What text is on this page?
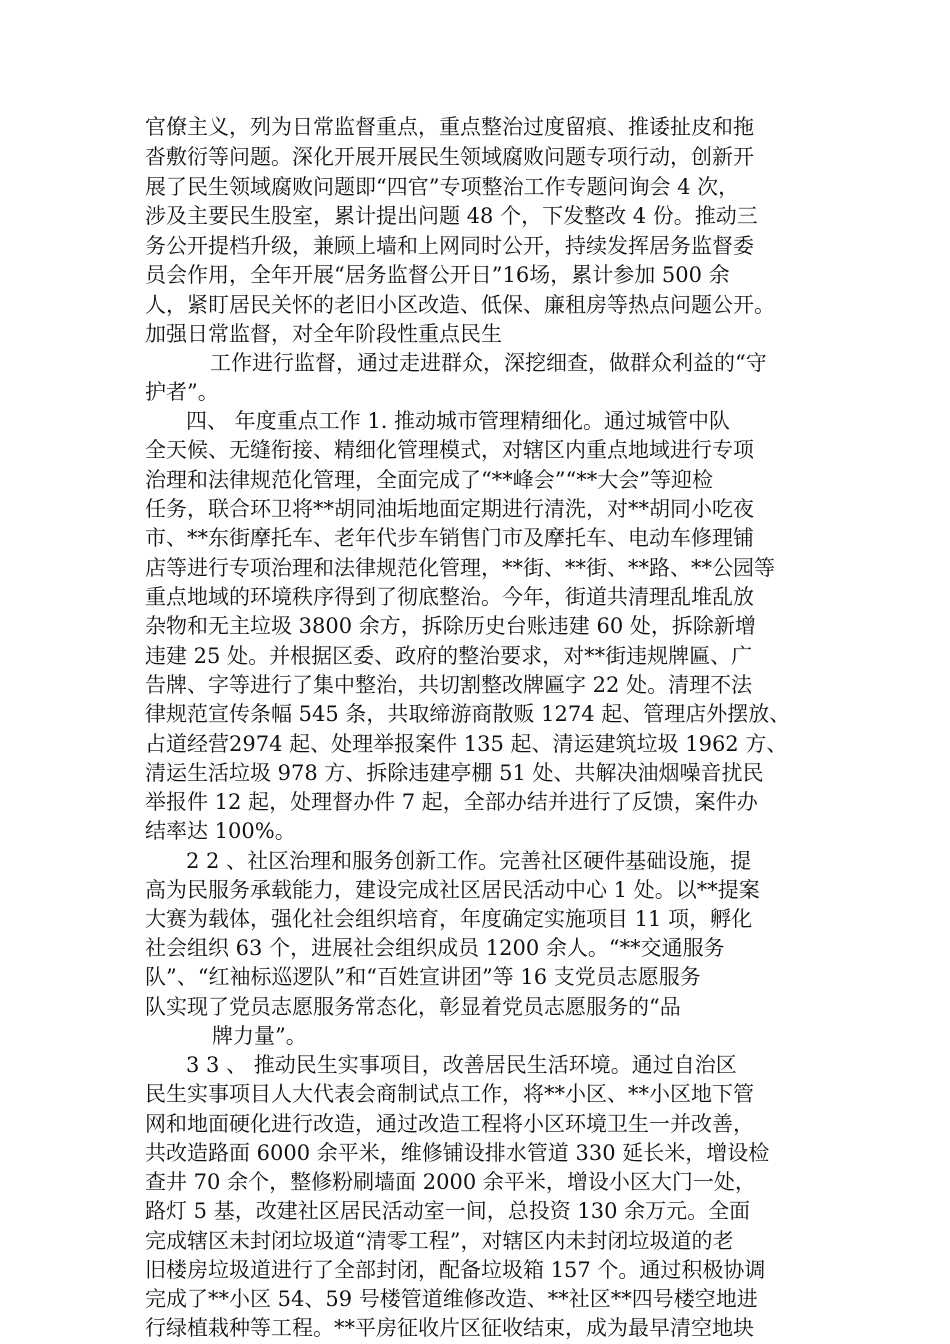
官僚主义，列为日常监督重点，重点整治过度留痕、推诿扯皮和拖
沓敷衍等问题。深化开展开展民生领域腐败问题专项行动，创新开
展了民生领域腐败问题即“四官”专项整治工作专题问询会 4 次，
涉及主要民生股室，累计提出问题 48 个，下发整改 4 份。推动三
务公开提档升级，兼顾上墙和上网同时公开，持续发挥居务监督委
员会作用，全年开展“居务监督公开日”16场，累计参加 500 余
人，紧盯居民关怀的老旧小区改造、低保、廉租房等热点问题公开。
加强日常监督，对全年阶段性重点民生
工作进行监督，通过走进群众，深挖细查，做群众利益的“守
护者”。
四、 年度重点工作 1. 推动城市管理精细化。通过城管中队
全天候、无缝衔接、精细化管理模式，对辖区内重点地域进行专项
治理和法律规范化管理，全面完成了“**峰会”“**大会”等迎检
任务，联合环卫将**胡同油垢地面定期进行清洗，对**胡同小吃夜
市、**东街摩托车、老年代步车销售门市及摩托车、电动车修理铺
店等进行专项治理和法律规范化管理，**街、**街、**路、**公园等
重点地域的环境秩序得到了彻底整治。今年，街道共清理乱堆乱放
杂物和无主垃圾 3800 余方，拆除历史台账违建 60 处，拆除新增
违建 25 处。并根据区委、政府的整治要求，对**街违规牌匾、广
告牌、字等进行了集中整治，共切割整改牌匾字 22 处。清理不法
律规范宣传条幅 545 条，共取缔游商散贩 1274 起、管理店外摆放、
占道经营2974 起、处理举报案件 135 起、清运建筑垃圾 1962 方、
清运生活垃圾 978 方、拆除违建亭棚 51 处、共解决油烟噪音扰民
举报件 12 起，处理督办件 7 起，全部办结并进行了反馈，案件办
结率达 100%。
2 2 、社区治理和服务创新工作。完善社区硬件基础设施，提
高为民服务承载能力，建设完成社区居民活动中心 1 处。以**提案
大赛为载体，强化社会组织培育，年度确定实施项目 11 项，孵化
社会组织 63 个，进展社会组织成员 1200 余人。“**交通服务
队”、“红袖标巡逻队”和“百姓宣讲团”等 16 支党员志愿服务
队实现了党员志愿服务常态化，彰显着党员志愿服务的“品
牌力量”。
3 3 、 推动民生实事项目，改善居民生活环境。通过自治区
民生实事项目人大代表会商制试点工作，将**小区、**小区地下管
网和地面硬化进行改造，通过改造工程将小区环境卫生一并改善，
共改造路面 6000 余平米，维修铺设排水管道 330 延长米，增设检
查井 70 余个，整修粉刷墙面 2000 余平米，增设小区大门一处，
路灯 5 基，改建社区居民活动室一间，总投资 130 余万元。全面
完成辖区未封闭垃圾道“清零工程”，对辖区内未封闭垃圾道的老
旧楼房垃圾道进行了全部封闭，配备垃圾箱 157 个。通过积极协调
完成了**小区 54、59 号楼管道维修改造、**社区**四号楼空地进
行绿植栽种等工程。**平房征收片区征收结束，成为最早清空地块
